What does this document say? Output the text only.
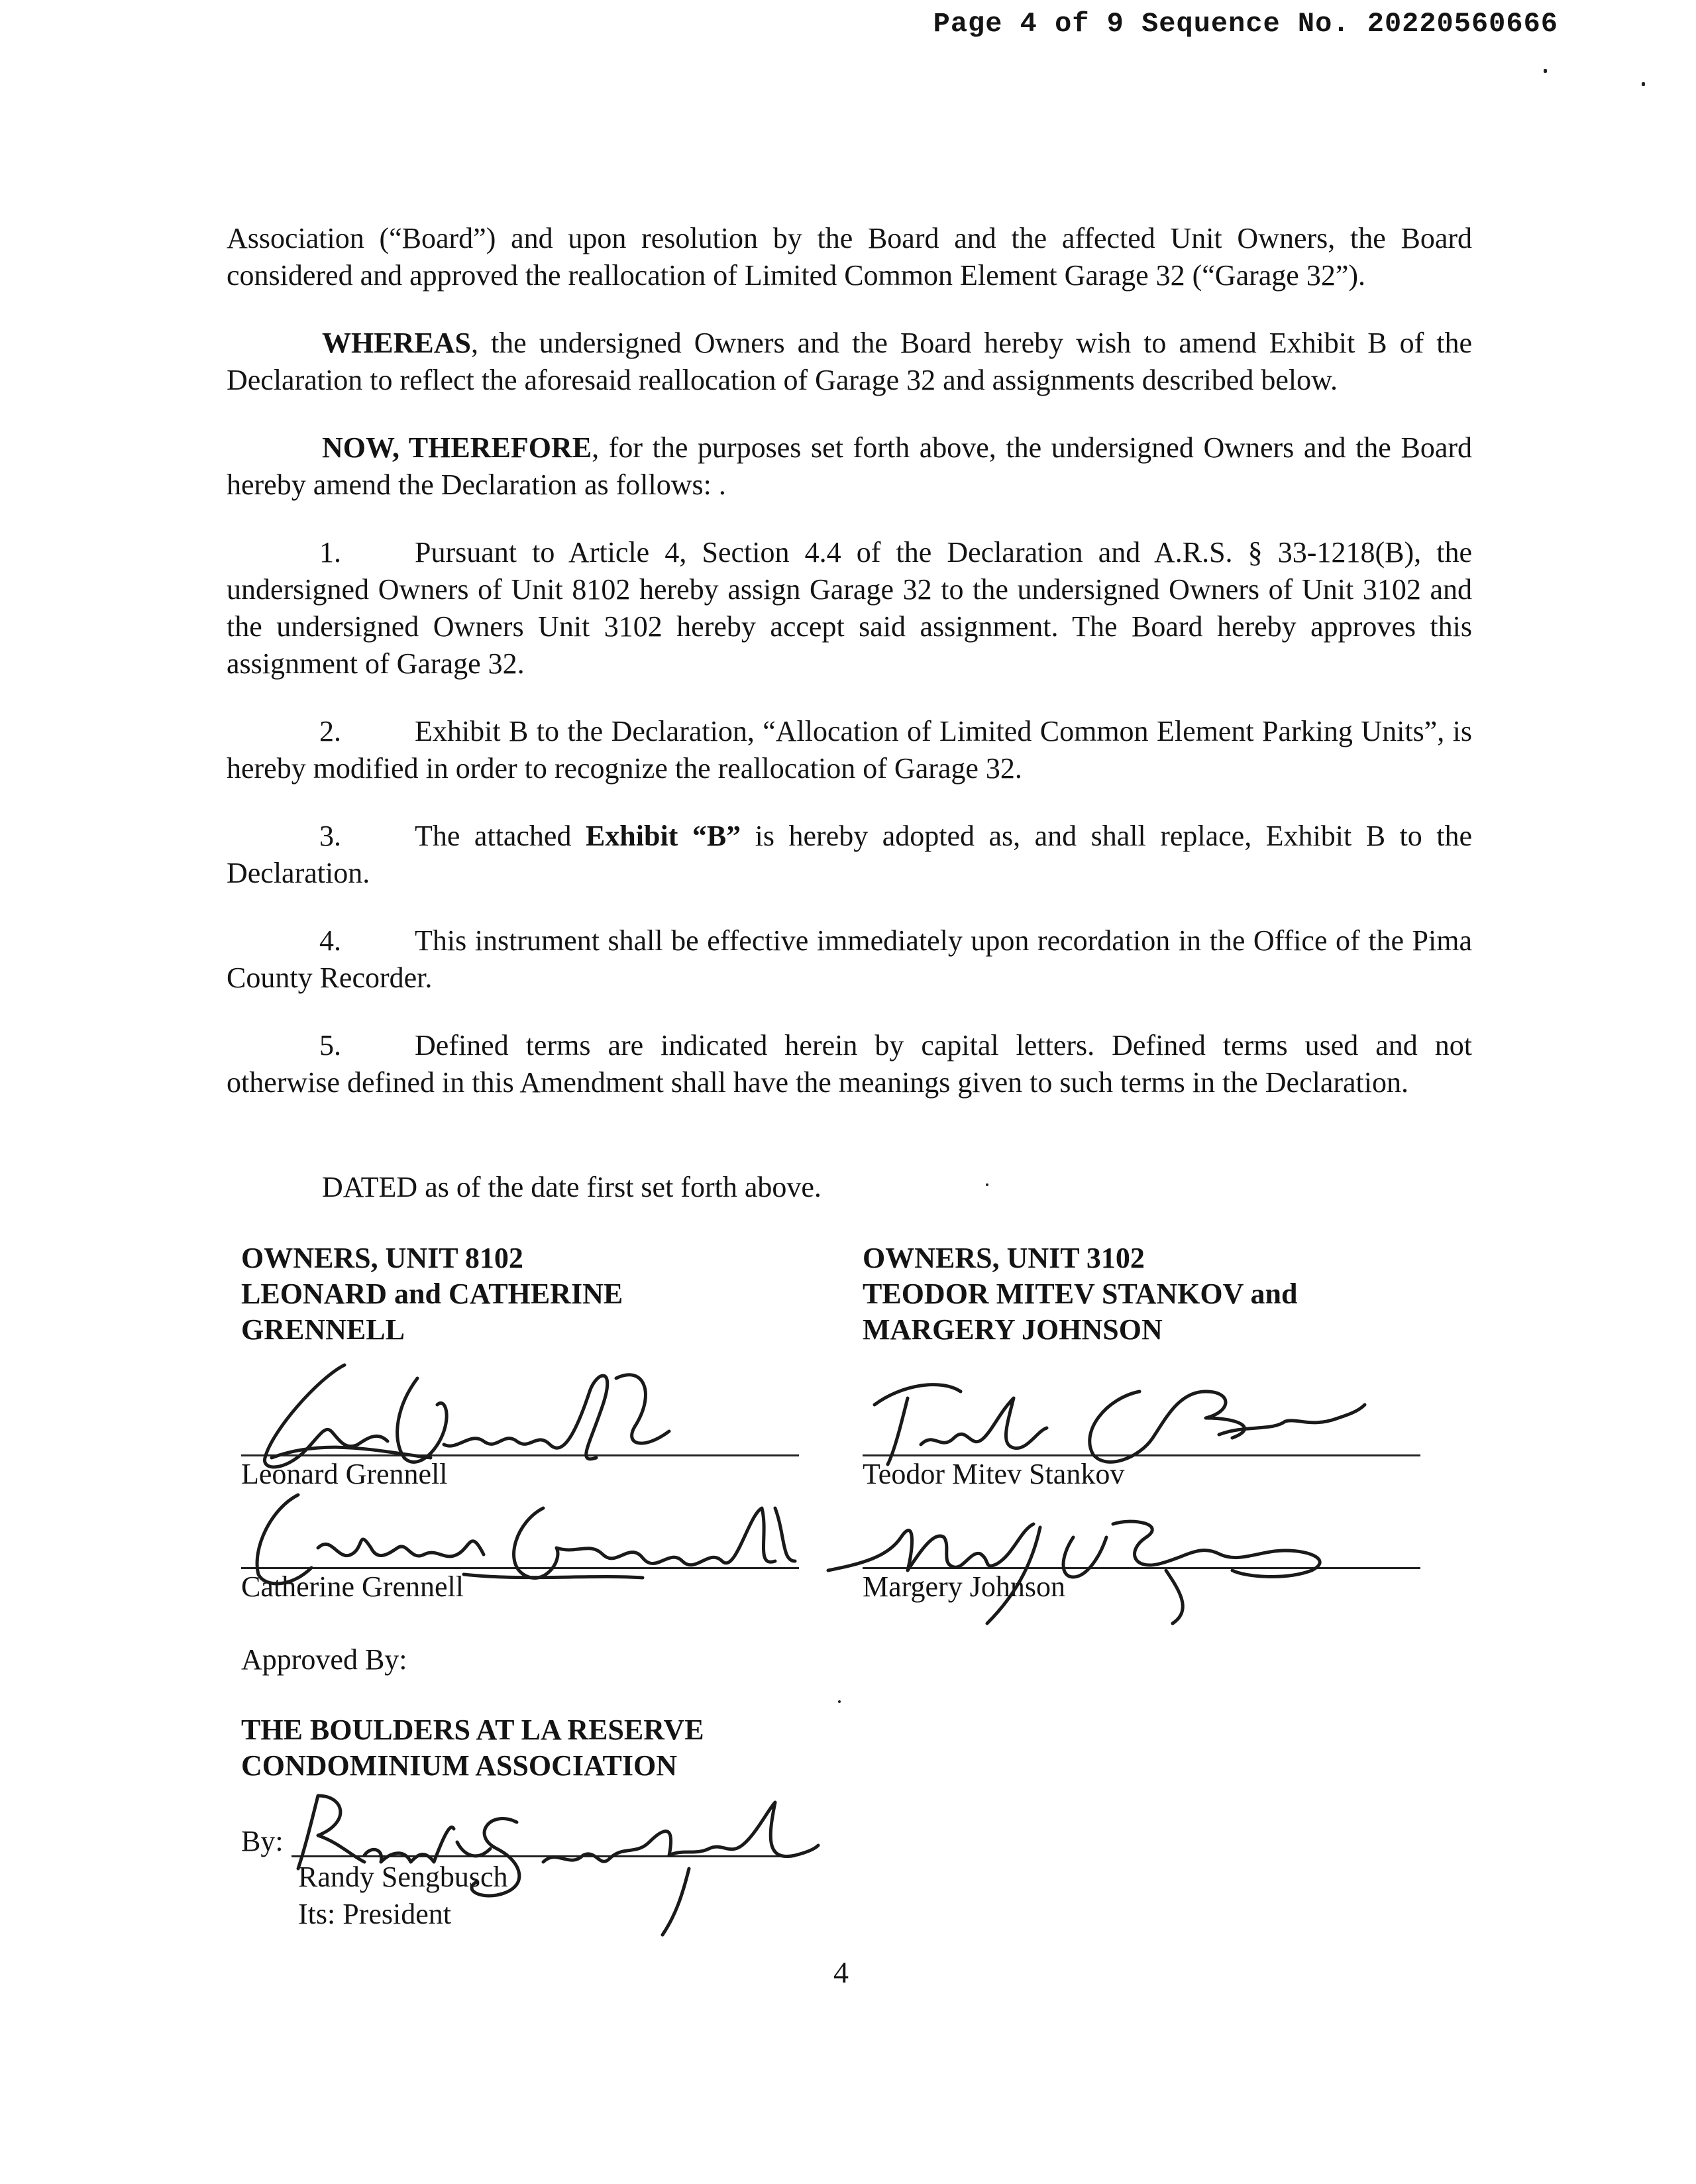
Page 4 of 9 Sequence No. 20220560666

Association (“Board”) and upon resolution by the Board and the affected Unit Owners, the Board considered and approved the reallocation of Limited Common Element Garage 32 (“Garage 32”).

WHEREAS, the undersigned Owners and the Board hereby wish to amend Exhibit B of the Declaration to reflect the aforesaid reallocation of Garage 32 and assignments described below.

NOW, THEREFORE, for the purposes set forth above, the undersigned Owners and the Board hereby amend the Declaration as follows: .

1.	Pursuant to Article 4, Section 4.4 of the Declaration and A.R.S. § 33-1218(B), the undersigned Owners of Unit 8102 hereby assign Garage 32 to the undersigned Owners of Unit 3102 and the undersigned Owners Unit 3102 hereby accept said assignment. The Board hereby approves this assignment of Garage 32.

2.	Exhibit B to the Declaration, “Allocation of Limited Common Element Parking Units”, is hereby modified in order to recognize the reallocation of Garage 32.

3.	The attached Exhibit “B” is hereby adopted as, and shall replace, Exhibit B to the Declaration.

4.	This instrument shall be effective immediately upon recordation in the Office of the Pima County Recorder.

5.	Defined terms are indicated herein by capital letters. Defined terms used and not otherwise defined in this Amendment shall have the meanings given to such terms in the Declaration.

DATED as of the date first set forth above.

OWNERS, UNIT 8102
LEONARD and CATHERINE
GRENNELL
OWNERS, UNIT 3102
TEODOR MITEV STANKOV and
MARGERY JOHNSON
Leonard Grennell
Catherine Grennell
Teodor Mitev Stankov
Margery Johnson
Approved By:
THE BOULDERS AT LA RESERVE
CONDOMINIUM ASSOCIATION
By:
Randy Sengbusch
Its: President
4
